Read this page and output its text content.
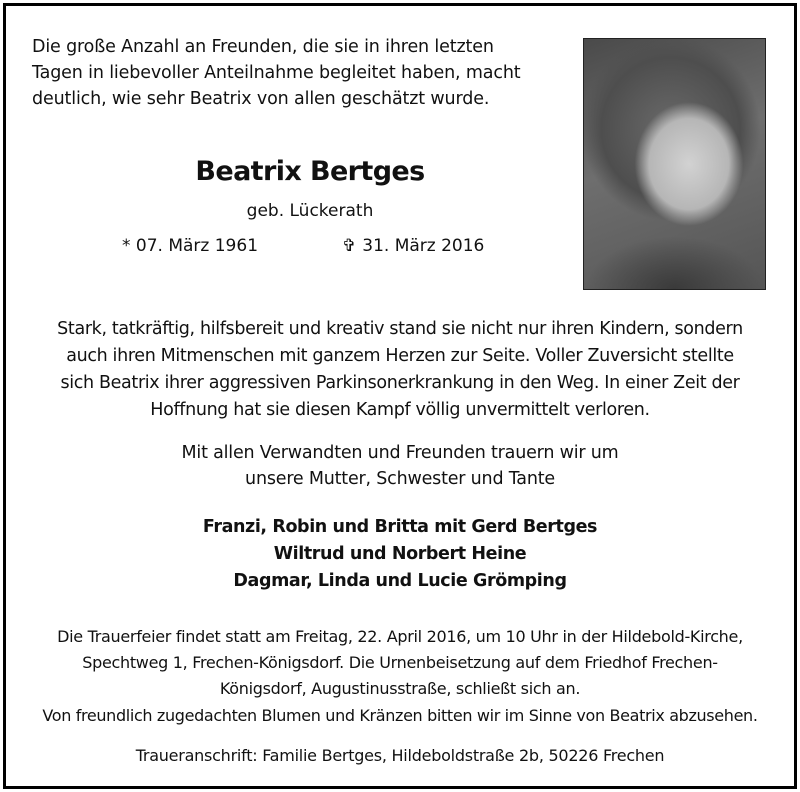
Die große Anzahl an Freunden, die sie in ihren letzten
Tagen in liebevoller Anteilnahme begleitet haben, macht
deutlich, wie sehr Beatrix von allen geschätzt wurde.
Beatrix Bertges
geb. Lückerath
* 07. März 1961	✞ 31. März 2016
Stark, tatkräftig, hilfsbereit und kreativ stand sie nicht nur ihren Kindern, sondern
auch ihren Mitmenschen mit ganzem Herzen zur Seite. Voller Zuversicht stellte
sich Beatrix ihrer aggressiven Parkinsonerkrankung in den Weg. In einer Zeit der
Hoffnung hat sie diesen Kampf völlig unvermittelt verloren.
Mit allen Verwandten und Freunden trauern wir um
unsere Mutter, Schwester und Tante
Franzi, Robin und Britta mit Gerd Bertges
Wiltrud und Norbert Heine
Dagmar, Linda und Lucie Grömping
Die Trauerfeier findet statt am Freitag, 22. April 2016, um 10 Uhr in der Hildebold-Kirche,
Spechtweg 1, Frechen-Königsdorf. Die Urnenbeisetzung auf dem Friedhof Frechen-
Königsdorf, Augustinusstraße, schließt sich an.
Von freundlich zugedachten Blumen und Kränzen bitten wir im Sinne von Beatrix abzusehen.
Traueranschrift: Familie Bertges, Hildeboldstraße 2b, 50226 Frechen
